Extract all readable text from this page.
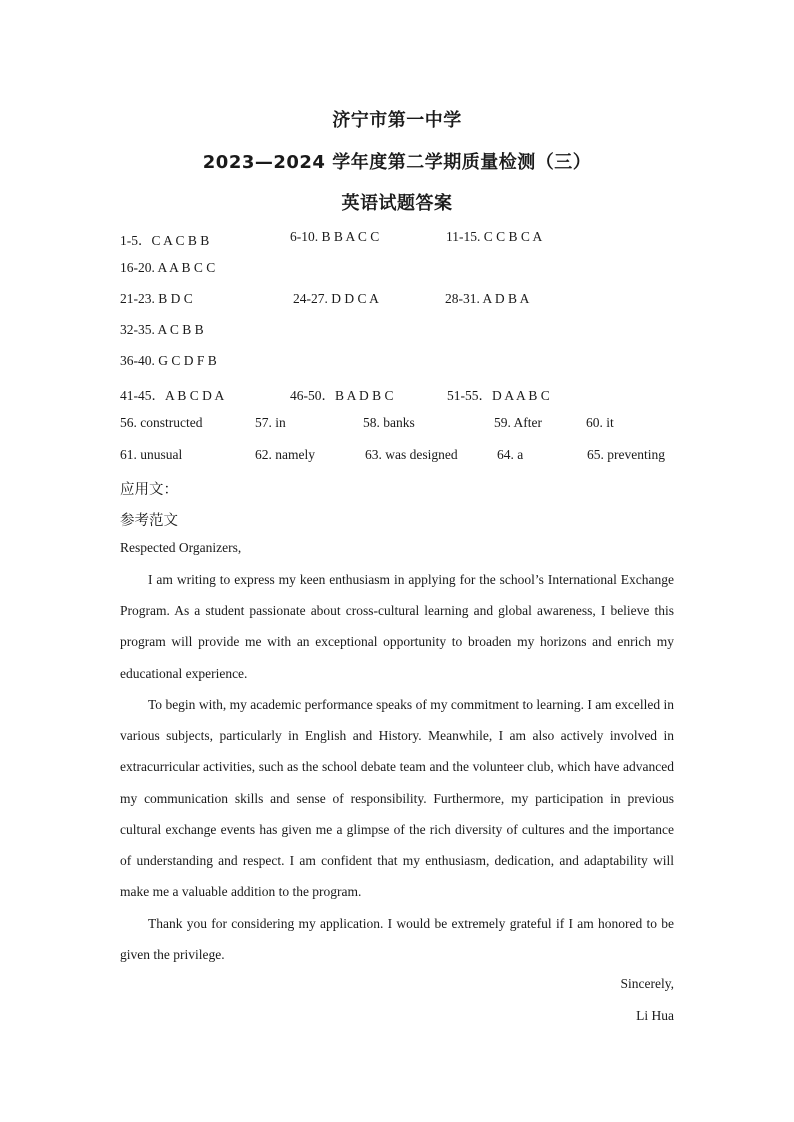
济宁市第一中学
2023—2024 学年度第二学期质量检测（三）
英语试题答案
1-5．C A C B B	6-10. B B A C C	11-15. C C B C A
16-20. A A B C C
21-23. B D C	24-27. D D C A	28-31. A D B A
32-35. A C B B
36-40. G C D F B
41-45．A B C D A	46-50．B A D B C	51-55．D A A B C
56. constructed	57. in	58. banks	59. After	60. it
61. unusual	62. namely	63. was designed	64. a	65. preventing
应用文：
参考范文
Respected Organizers,

I am writing to express my keen enthusiasm in applying for the school’s International Exchange Program. As a student passionate about cross-cultural learning and global awareness, I believe this program will provide me with an exceptional opportunity to broaden my horizons and enrich my educational experience.

To begin with, my academic performance speaks of my commitment to learning. I am excelled in various subjects, particularly in English and History. Meanwhile, I am also actively involved in extracurricular activities, such as the school debate team and the volunteer club, which have advanced my communication skills and sense of responsibility. Furthermore, my participation in previous cultural exchange events has given me a glimpse of the rich diversity of cultures and the importance of understanding and respect. I am confident that my enthusiasm, dedication, and adaptability will make me a valuable addition to the program.

Thank you for considering my application. I would be extremely grateful if I am honored to be given the privilege.

Sincerely,
Li Hua
